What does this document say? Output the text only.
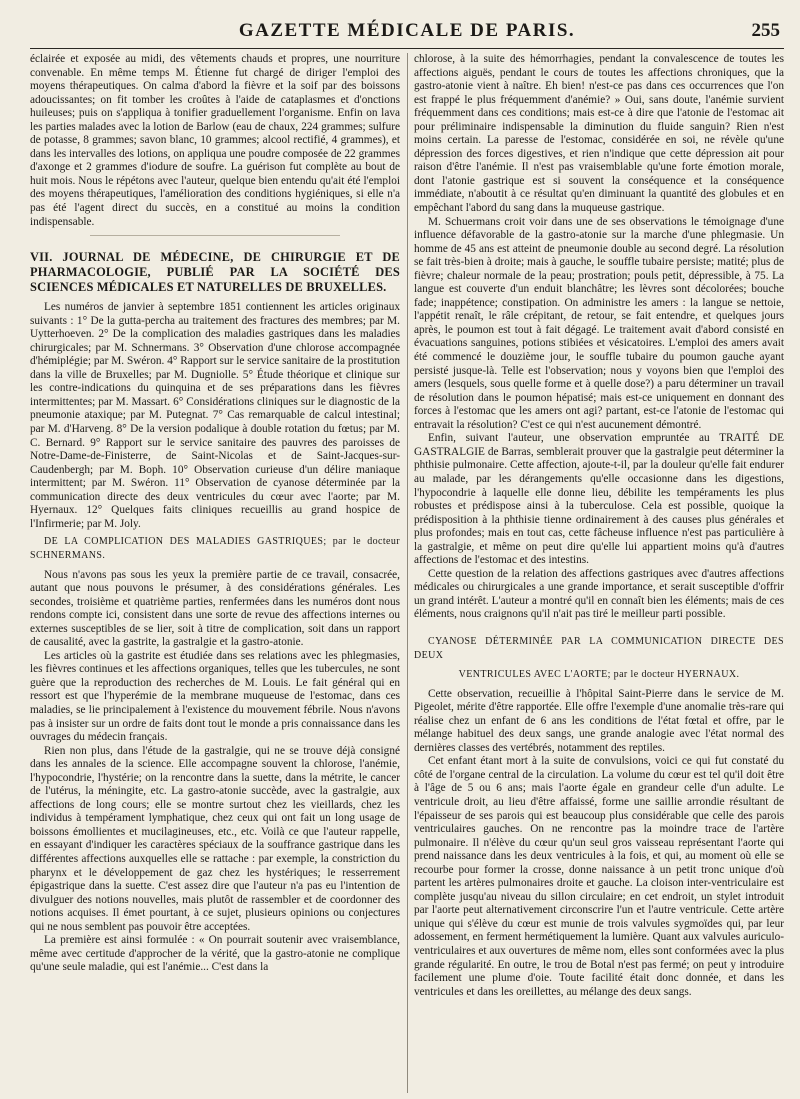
GAZETTE MÉDICALE DE PARIS.	255

éclairée et exposée au midi, des vêtements chauds et propres, une nourriture convenable. En même temps M. Étienne fut chargé de diriger l'emploi des moyens thérapeutiques. On calma d'abord la fièvre et la soif par des boissons adoucissantes; on fit tomber les croûtes à l'aide de cataplasmes et d'onctions huileuses; puis on s'appliqua à tonifier graduellement l'organisme. Enfin on lava les parties malades avec la lotion de Barlow (eau de chaux, 224 grammes; sulfure de potasse, 8 grammes; savon blanc, 10 grammes; alcool rectifié, 4 grammes), et dans les intervalles des lotions, on appliqua une poudre composée de 22 grammes d'axonge et 2 grammes d'iodure de soufre. La guérison fut complète au bout de huit mois. Nous le répétons avec l'auteur, quelque bien entendu qu'ait été l'emploi des moyens thérapeutiques, l'amélioration des conditions hygiéniques, si elle n'a pas été l'agent direct du succès, en a constitué au moins la condition indispensable.

VII. JOURNAL DE MÉDECINE, DE CHIRURGIE ET DE PHARMACOLOGIE, PUBLIÉ PAR LA SOCIÉTÉ DES SCIENCES MÉDICALES ET NATURELLES DE BRUXELLES.

Les numéros de janvier à septembre 1851 contiennent les articles originaux suivants : 1° De la gutta-percha au traitement des fractures des membres; par M. Uytterhoeven. 2° De la complication des maladies gastriques dans les maladies chirurgicales; par M. Schnermans. 3° Observation d'une chlorose accompagnée d'hémiplégie; par M. Swéron. 4° Rapport sur le service sanitaire de la prostitution dans la ville de Bruxelles; par M. Dugniolle. 5° Étude théorique et clinique sur les contre-indications du quinquina et de ses préparations dans les fièvres intermittentes; par M. Massart. 6° Considérations cliniques sur le diagnostic de la pneumonie ataxique; par M. Putegnat. 7° Cas remarquable de calcul intestinal; par M. d'Harveng. 8° De la version podalique à double rotation du fœtus; par M. C. Bernard. 9° Rapport sur le service sanitaire des pauvres des paroisses de Notre-Dame-de-Finisterre, de Saint-Nicolas et de Saint-Jacques-sur-Caudenbergh; par M. Boph. 10° Observation curieuse d'un délire maniaque intermittent; par M. Swéron. 11° Observation de cyanose déterminée par la communication directe des deux ventricules du cœur avec l'aorte; par M. Hyernaux. 12° Quelques faits cliniques recueillis au grand hospice de l'Infirmerie; par M. Joly.

DE LA COMPLICATION DES MALADIES GASTRIQUES; par le docteur SCHNERMANS.

Nous n'avons pas sous les yeux la première partie de ce travail, consacrée, autant que nous pouvons le présumer, à des considérations générales. Les secondes, troisième et quatrième parties, renfermées dans les numéros dont nous rendons compte ici, consistent dans une sorte de revue des affections internes ou externes susceptibles de se lier, soit à titre de complication, soit dans un rapport de causalité, avec la gastrite, la gastralgie et la gastro-atonie.

Les articles où la gastrite est étudiée dans ses relations avec les phlegmasies, les fièvres continues et les affections organiques, telles que les tubercules, ne sont guère que la reproduction des recherches de M. Louis. Le fait général qui en ressort est que l'hyperémie de la membrane muqueuse de l'estomac, dans ces maladies, se lie principalement à l'existence du mouvement fébrile. Nous n'avons pas à insister sur un ordre de faits dont tout le monde a pris connaissance dans les ouvrages du médecin français.

Rien non plus, dans l'étude de la gastralgie, qui ne se trouve déjà consigné dans les annales de la science. Elle accompagne souvent la chlorose, l'anémie, l'hypocondrie, l'hystérie; on la rencontre dans la suette, dans la métrite, le cancer de l'utérus, la méningite, etc. La gastro-atonie succède, avec la gastralgie, aux affections de long cours; elle se montre surtout chez les vieillards, chez les individus à tempérament lymphatique, chez ceux qui ont fait un long usage de boissons émollientes et mucilagineuses, etc., etc. Voilà ce que l'auteur rappelle, en essayant d'indiquer les caractères spéciaux de la souffrance gastrique dans les différentes affections auxquelles elle se rattache : par exemple, la constriction du pharynx et le développement de gaz chez les hystériques; le resserrement épigastrique dans la suette. C'est assez dire que l'auteur n'a pas eu l'intention de divulguer des notions nouvelles, mais plutôt de rassembler et de coordonner des notions acquises. Il émet pourtant, à ce sujet, plusieurs opinions ou conjectures qui ne nous semblent pas pouvoir être acceptées.

La première est ainsi formulée : « On pourrait soutenir avec vraisemblance, même avec certitude d'approcher de la vérité, que la gastro-atonie ne complique qu'une seule maladie, qui est l'anémie... C'est dans la

chlorose, à la suite des hémorrhagies, pendant la convalescence de toutes les affections aiguës, pendant le cours de toutes les affections chroniques, que la gastro-atonie vient à naître. Eh bien! n'est-ce pas dans ces occurrences que l'on est frappé le plus fréquemment d'anémie? » Oui, sans doute, l'anémie survient fréquemment dans ces conditions; mais est-ce à dire que l'atonie de l'estomac ait pour préliminaire indispensable la diminution du fluide sanguin? Rien n'est moins certain. La paresse de l'estomac, considérée en soi, ne révèle qu'une dépression des forces digestives, et rien n'indique que cette dépression ait pour raison d'être l'anémie. Il n'est pas vraisemblable qu'une forte émotion morale, dont l'atonie gastrique est si souvent la conséquence et la conséquence immédiate, n'aboutit à ce résultat qu'en diminuant la quantité des globules et en empêchant l'abord du sang dans la muqueuse gastrique.

M. Schuermans croit voir dans une de ses observations le témoignage d'une influence défavorable de la gastro-atonie sur la marche d'une phlegmasie. Un homme de 45 ans est atteint de pneumonie double au second degré. La résolution se fait très-bien à droite; mais à gauche, le souffle tubaire persiste; matité; plus de fièvre; chaleur normale de la peau; prostration; pouls petit, dépressible, à 75. La langue est couverte d'un enduit blanchâtre; les lèvres sont décolorées; bouche fade; inappétence; constipation. On administre les amers : la langue se nettoie, l'appétit renaît, le râle crépitant, de retour, se fait entendre, et quelques jours après, le poumon est tout à fait dégagé. Le traitement avait d'abord consisté en évacuations sanguines, potions stibiées et vésicatoires. L'emploi des amers avait été commencé le douzième jour, le souffle tubaire du poumon gauche ayant persisté jusque-là. Telle est l'observation; nous y voyons bien que l'emploi des amers (lesquels, sous quelle forme et à quelle dose?) a paru déterminer un travail de résolution dans le poumon hépatisé; mais est-ce uniquement en donnant des forces à l'estomac que les amers ont agi? partant, est-ce l'atonie de l'estomac qui entravait la résolution? C'est ce qui n'est aucunement démontré.

Enfin, suivant l'auteur, une observation empruntée au TRAITÉ DE GASTRALGIE de Barras, semblerait prouver que la gastralgie peut déterminer la phthisie pulmonaire. Cette affection, ajoute-t-il, par la douleur qu'elle fait endurer au malade, par les dérangements qu'elle occasionne dans les digestions, l'hypocondrie à laquelle elle donne lieu, débilite les tempéraments les plus robustes et prédispose ainsi à la tuberculose. Cela est possible, quoique la prédisposition à la phthisie tienne ordinairement à des causes plus générales et plus profondes; mais en tout cas, cette fâcheuse influence n'est pas particulière à la gastralgie, et même on peut dire qu'elle lui appartient moins qu'à d'autres affections de l'estomac et des intestins.

Cette question de la relation des affections gastriques avec d'autres affections médicales ou chirurgicales a une grande importance, et serait susceptible d'offrir un grand intérêt. L'auteur a montré qu'il en connaît bien les éléments; mais de ces éléments, nous craignons qu'il n'ait pas tiré le meilleur parti possible.

CYANOSE DÉTERMINÉE PAR LA COMMUNICATION DIRECTE DES DEUX
VENTRICULES AVEC L'AORTE; par le docteur HYERNAUX.

Cette observation, recueillie à l'hôpital Saint-Pierre dans le service de M. Pigeolet, mérite d'être rapportée. Elle offre l'exemple d'une anomalie très-rare qui réalise chez un enfant de 6 ans les conditions de l'état fœtal et offre, par le mélange habituel des deux sangs, une grande analogie avec l'état normal des dernières classes des vertébrés, notamment des reptiles.

Cet enfant étant mort à la suite de convulsions, voici ce qui fut constaté du côté de l'organe central de la circulation. La volume du cœur est tel qu'il doit être à l'âge de 5 ou 6 ans; mais l'aorte égale en grandeur celle d'un adulte. Le ventricule droit, au lieu d'être affaissé, forme une saillie arrondie résultant de l'épaisseur de ses parois qui est beaucoup plus considérable que celle des parois ventriculaires gauches. On ne rencontre pas la moindre trace de l'artère pulmonaire. Il n'élève du cœur qu'un seul gros vaisseau représentant l'aorte qui prend naissance dans les deux ventricules à la fois, et qui, au moment où elle se recourbe pour former la crosse, donne naissance à un petit tronc unique d'où partent les artères pulmonaires droite et gauche. La cloison inter-ventriculaire est complète jusqu'au niveau du sillon circulaire; en cet endroit, un stylet introduit par l'aorte peut alternativement circonscrire l'un et l'autre ventricule. Cette artère unique qui s'élève du cœur est munie de trois valvules sygmoïdes qui, par leur adossement, en ferment hermétiquement la lumière. Quant aux valvules auriculo-ventriculaires et aux ouvertures de même nom, elles sont conformées avec la plus grande régularité. En outre, le trou de Botal n'est pas fermé; on peut y introduire facilement une plume d'oie. Toute facilité était donc donnée, et dans les ventricules et dans les oreillettes, au mélange des deux sangs.
